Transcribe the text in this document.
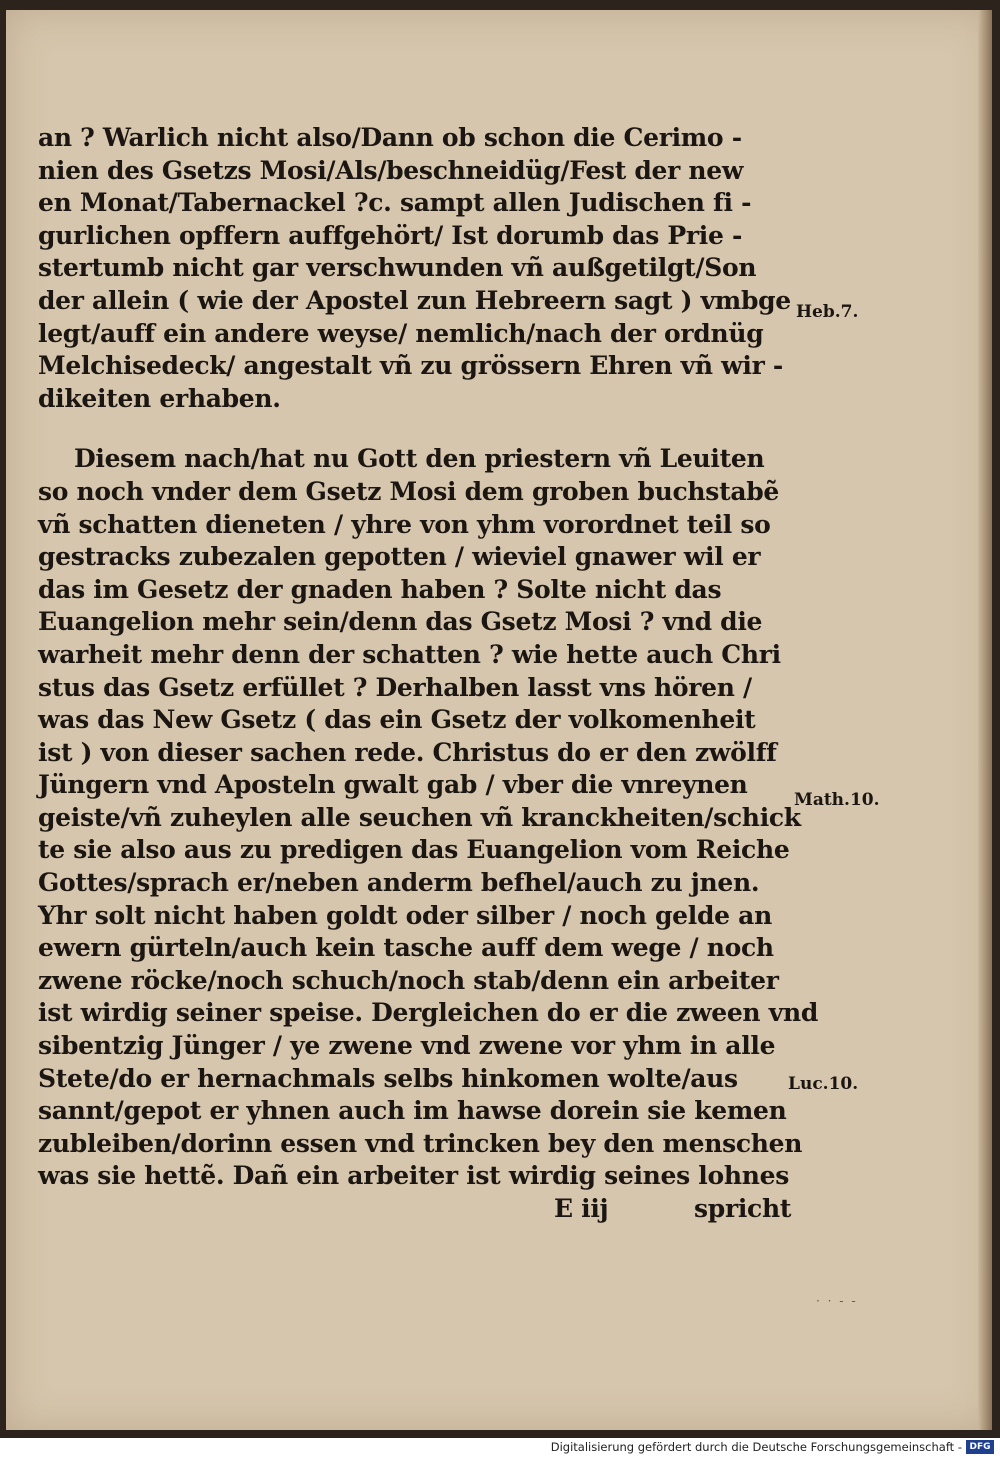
an ? Warlich nicht also/Dann ob schon die Cerimo -
nien des Gsetzs Mosi/Als/beschneidüg/Fest der new
en Monat/Tabernackel ?c. sampt allen Judischen fi -
gurlichen opffern auffgehört/ Ist dorumb das Prie -
stertumb nicht gar verschwunden vñ außgetilgt/Son
der allein ( wie der Apostel zun Hebreern sagt ) vmbge
legt/auff ein andere weyse/ nemlich/nach der ordnüg
Melchisedeck/ angestalt vñ zu grössern Ehren vñ wir -
dikeiten erhaben.
Diesem nach/hat nu Gott den priestern vñ Leuiten
so noch vnder dem Gsetz Mosi dem groben buchstabẽ
vñ schatten dieneten / yhre von yhm vorordnet teil so
gestracks zubezalen gepotten / wieviel gnawer wil er
das im Gesetz der gnaden haben ? Solte nicht das
Euangelion mehr sein/denn das Gsetz Mosi ? vnd die
warheit mehr denn der schatten ? wie hette auch Chri
stus das Gsetz erfüllet ? Derhalben lasst vns hören /
was das New Gsetz ( das ein Gsetz der volkomenheit
ist ) von dieser sachen rede. Christus do er den zwölff
Jüngern vnd Aposteln gwalt gab / vber die vnreynen
geiste/vñ zuheylen alle seuchen vñ kranckheiten/schick
te sie also aus zu predigen das Euangelion vom Reiche
Gottes/sprach er/neben anderm befhel/auch zu jnen.
Yhr solt nicht haben goldt oder silber / noch gelde an
ewern gürteln/auch kein tasche auff dem wege / noch
zwene röcke/noch schuch/noch stab/denn ein arbeiter
ist wirdig seiner speise. Dergleichen do er die zween vnd
sibentzig Jünger / ye zwene vnd zwene vor yhm in alle
Stete/do er hernachmals selbs hinkomen wolte/aus
sannt/gepot er yhnen auch im hawse dorein sie kemen
zubleiben/dorinn essen vnd trincken bey den menschen
was sie hettẽ. Dañ ein arbeiter ist wirdig seines lohnes
E iij	spricht
Heb.7.
Math.10.
Luc.10.
· · - -
Digitalisierung gefördert durch die Deutsche Forschungsgemeinschaft - DFG
